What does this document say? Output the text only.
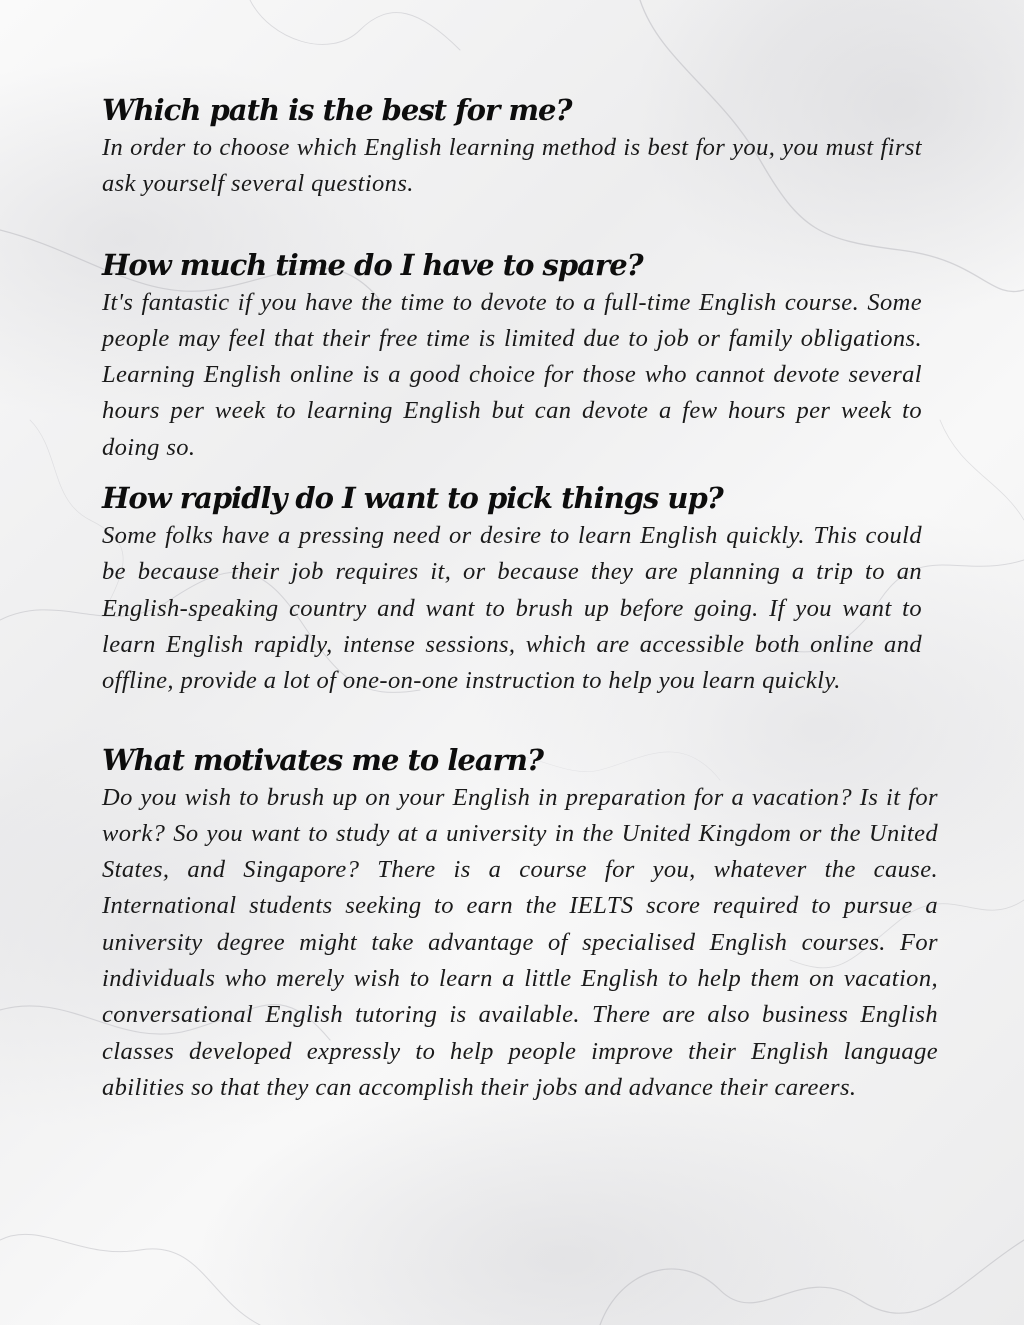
Which path is the best for me?

In order to choose which English learning method is best for you, you must first ask yourself several questions.

How much time do I have to spare?

It's fantastic if you have the time to devote to a full-time English course. Some people may feel that their free time is limited due to job or family obligations. Learning English online is a good choice for those who cannot devote several hours per week to learning English but can devote a few hours per week to doing so.

How rapidly do I want to pick things up?

Some folks have a pressing need or desire to learn English quickly. This could be because their job requires it, or because they are planning a trip to an English-speaking country and want to brush up before going. If you want to learn English rapidly, intense sessions, which are accessible both online and offline, provide a lot of one-on-one instruction to help you learn quickly.

What motivates me to learn?

Do you wish to brush up on your English in preparation for a vacation? Is it for work? So you want to study at a university in the United Kingdom or the United States, and Singapore? There is a course for you, whatever the cause. International students seeking to earn the IELTS score required to pursue a university degree might take advantage of specialised English courses. For individuals who merely wish to learn a little English to help them on vacation, conversational English tutoring is available. There are also business English classes developed expressly to help people improve their English language abilities so that they can accomplish their jobs and advance their careers.
